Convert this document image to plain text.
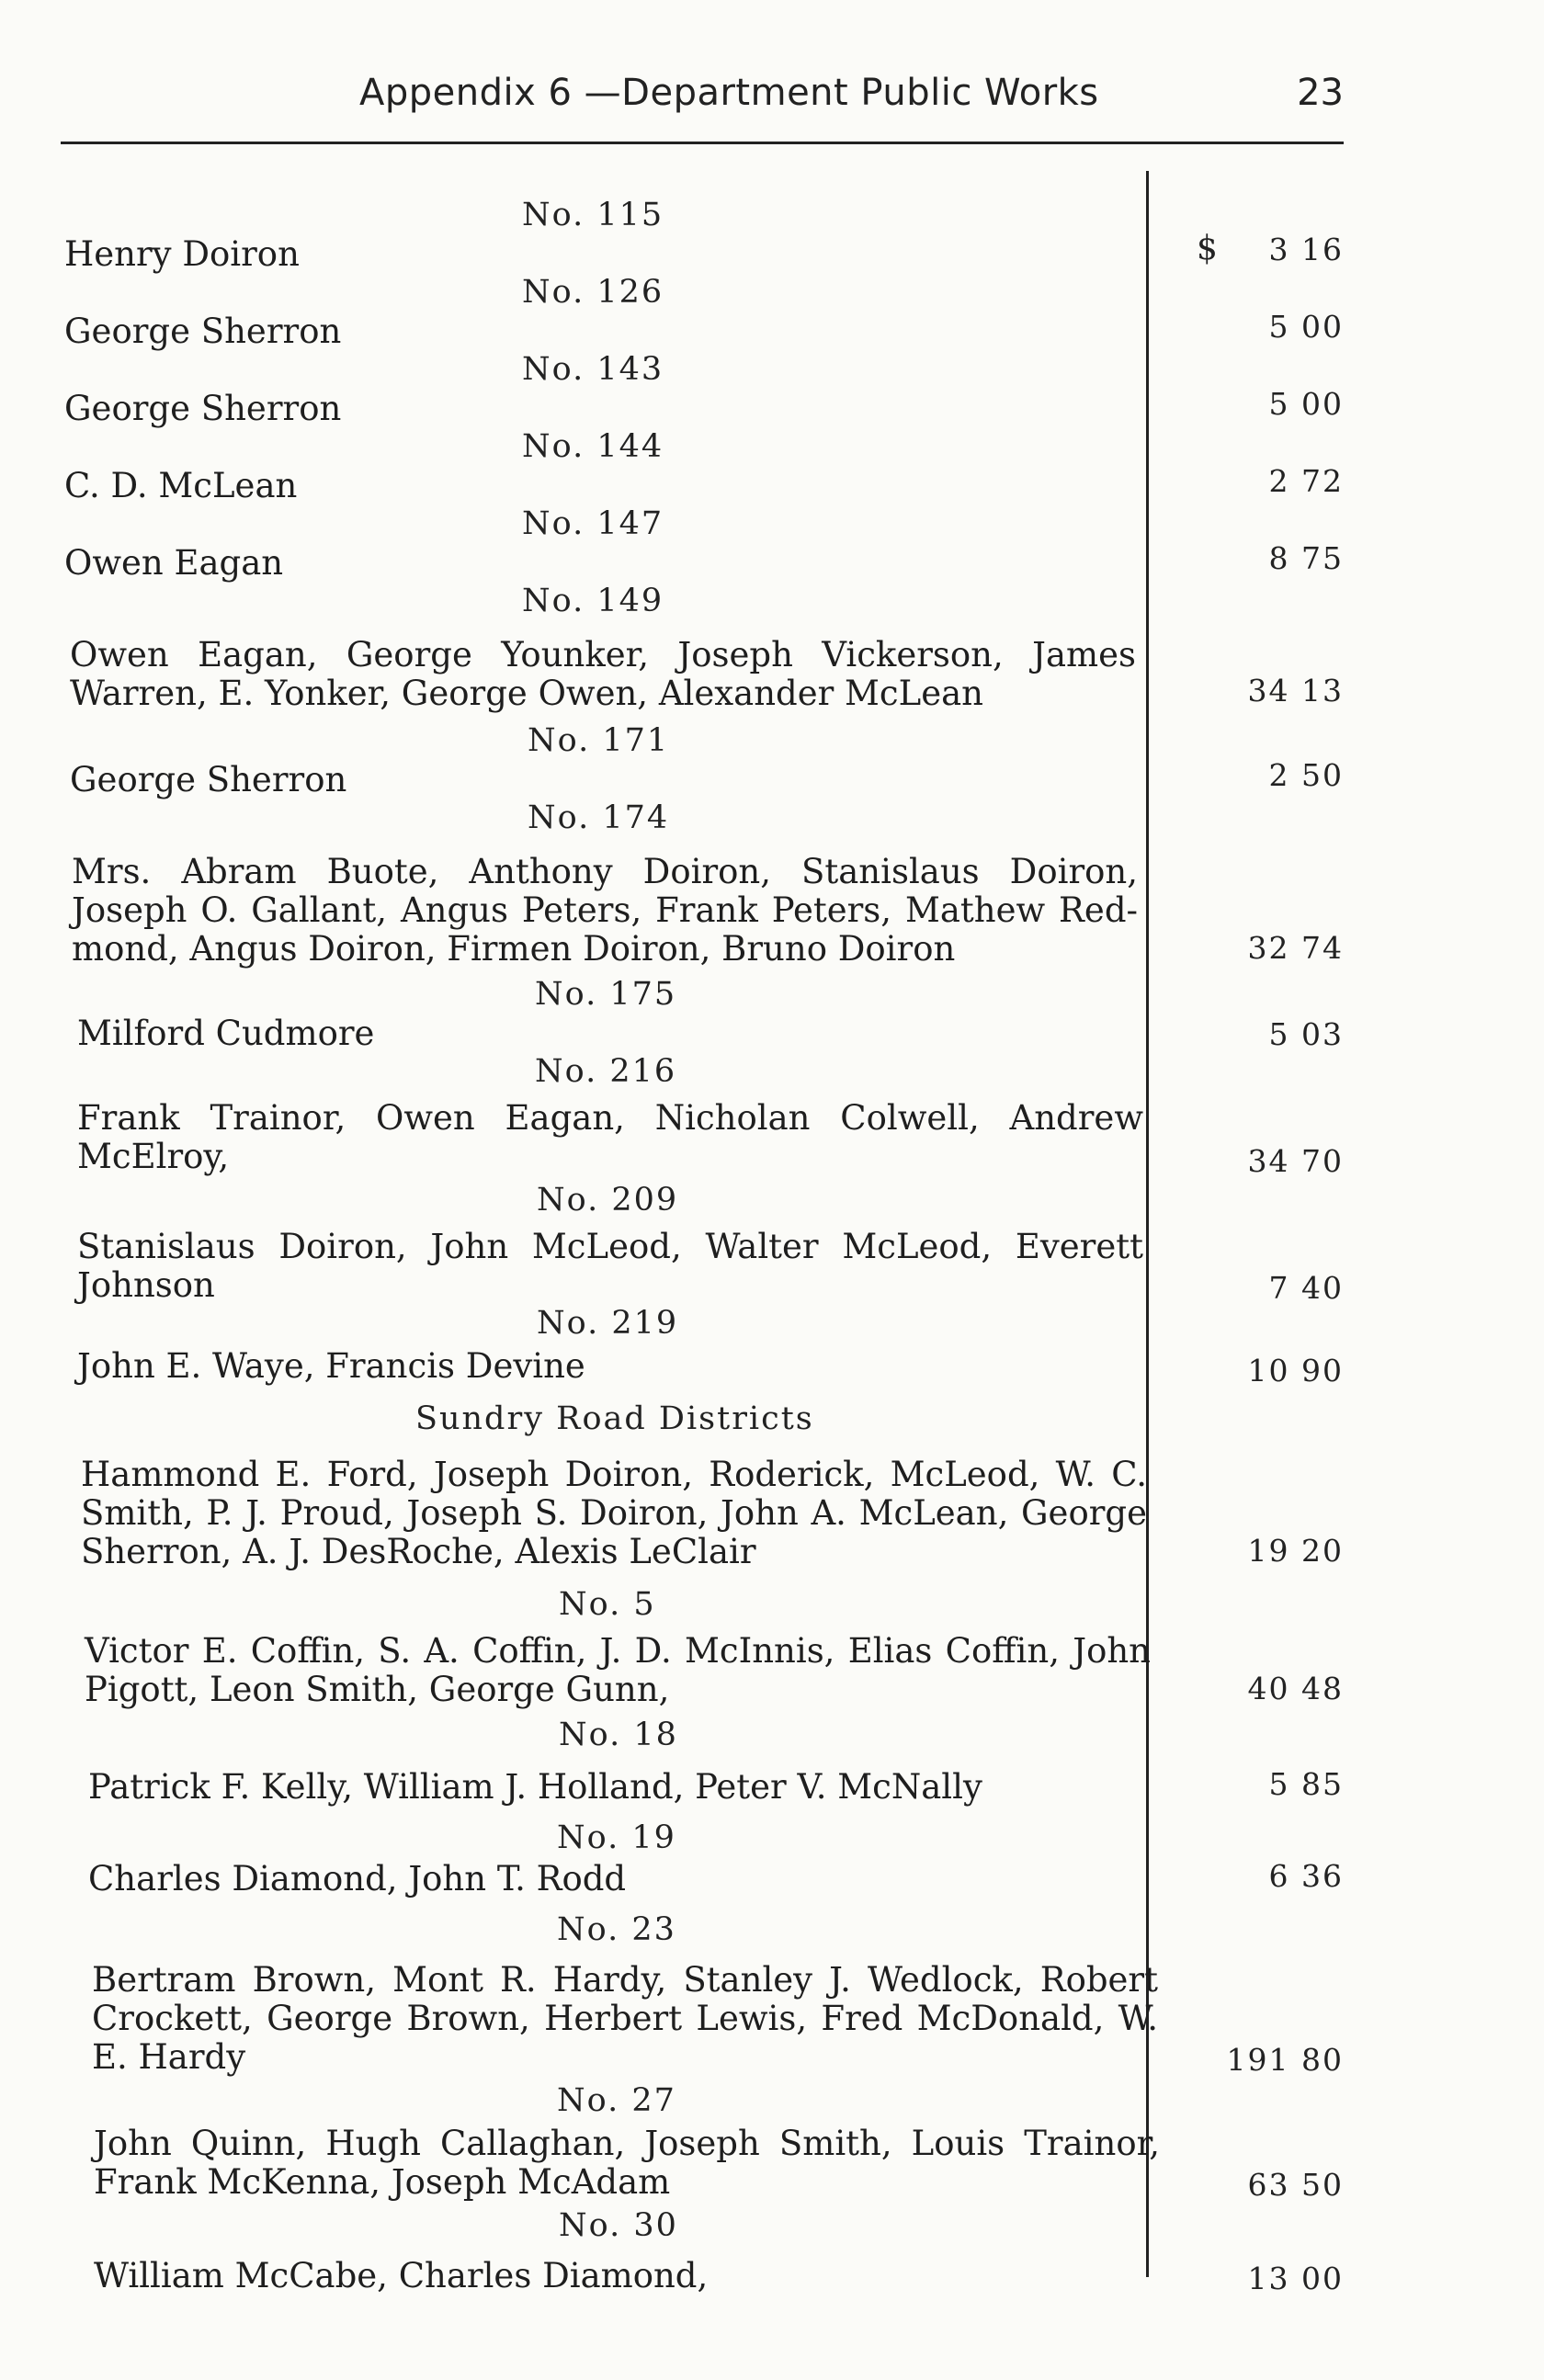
Appendix 6 —Department Public Works	23
$
No. 115
Henry Doiron	3 16
No. 126
George Sherron	5 00
No. 143
George Sherron	5 00
No. 144
C. D. McLean	2 72
No. 147
Owen Eagan	8 75
No. 149
Owen Eagan, George Younker, Joseph Vickerson, James Warren, E. Yonker, George Owen, Alexander McLean	34 13
No. 171
George Sherron	2 50
No. 174
Mrs. Abram Buote, Anthony Doiron, Stanislaus Doiron, Joseph O. Gallant, Angus Peters, Frank Peters, Mathew Red- mond, Angus Doiron, Firmen Doiron, Bruno Doiron	32 74
No. 175
Milford Cudmore	5 03
No. 216
Frank Trainor, Owen Eagan, Nicholan Colwell, Andrew McElroy,	34 70
No. 209
Stanislaus Doiron, John McLeod, Walter McLeod, Everett Johnson	7 40
No. 219
John E. Waye, Francis Devine	10 90
Sundry Road Districts
Hammond E. Ford, Joseph Doiron, Roderick, McLeod, W. C. Smith, P. J. Proud, Joseph S. Doiron, John A. McLean, George Sherron, A. J. DesRoche, Alexis LeClair	19 20
No. 5
Victor E. Coffin, S. A. Coffin, J. D. McInnis, Elias Coffin, John Pigott, Leon Smith, George Gunn,	40 48
No. 18
Patrick F. Kelly, William J. Holland, Peter V. McNally	5 85
No. 19
Charles Diamond, John T. Rodd	6 36
No. 23
Bertram Brown, Mont R. Hardy, Stanley J. Wedlock, Robert Crockett, George Brown, Herbert Lewis, Fred McDonald, W. E. Hardy	191 80
No. 27
John Quinn, Hugh Callaghan, Joseph Smith, Louis Trainor, Frank McKenna, Joseph McAdam	63 50
No. 30
William McCabe, Charles Diamond,	13 00
